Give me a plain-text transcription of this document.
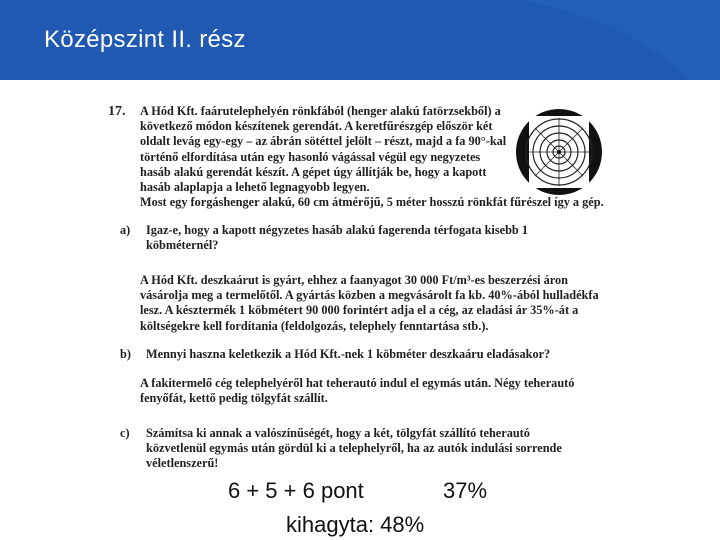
Középszint II. rész
17. A Hód Kft. faárutelephelyén rönkfából (henger alakú fatörzsekből) a következő módon készítenek gerendát. A keretfűrészgép először két oldalt levág egy-egy – az ábrán sötéttel jelölt – részt, majd a fa 90°-kal történő elfordítása után egy hasonló vágással végül egy negyzetes hasáb alakú gerendát készít. A gépet úgy állítják be, hogy a kapott hasáb alaplapja a lehető legnagyobb legyen.
Most egy forgáshenger alakú, 60 cm átmérőjű, 5 méter hosszú rönkfát fűrészel így a gép.
a) Igaz-e, hogy a kapott négyzetes hasáb alakú fagerenda térfogata kisebb 1 köbméternél?
A Hód Kft. deszkaárut is gyárt, ehhez a faanyagot 30 000 Ft/m³-es beszerzési áron vásárolja meg a termelőtől. A gyártás közben a megvásárolt fa kb. 40%-ából hulladékfa lesz. A késztermék 1 köbmétert 90 000 forintért adja el a cég, az eladási ár 35%-át a költségekre kell fordítania (feldolgozás, telephely fenntartása stb.).
b) Mennyi haszna keletkezik a Hód Kft.-nek 1 köbméter deszkaáru eladásakor?
A fakitermelő cég telephelyéről hat teherautó indul el egymás után. Négy teherautó fenyőfát, kettő pedig tölgyfát szállít.
c) Számítsa ki annak a valószínűségét, hogy a két, tölgyfát szállító teherautó közvetlenül egymás után gördül ki a telephelyről, ha az autók indulási sorrende véletlenszerű!
6 + 5 + 6 pont	37%
kihagyta: 48%
